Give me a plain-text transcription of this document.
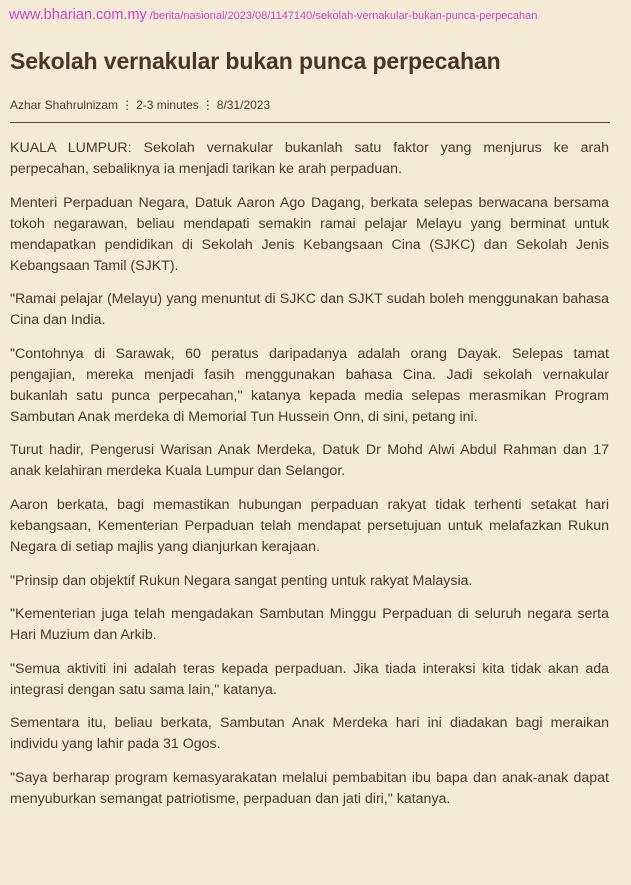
www.bharian.com.my /berita/nasional/2023/08/1147140/sekolah-vernakular-bukan-punca-perpecahan
Sekolah vernakular bukan punca perpecahan
Azhar Shahrulnizam ⋮ 2-3 minutes ⋮ 8/31/2023

KUALA LUMPUR: Sekolah vernakular bukanlah satu faktor yang menjurus ke arah perpecahan, sebaliknya ia menjadi tarikan ke arah perpaduan.

Menteri Perpaduan Negara, Datuk Aaron Ago Dagang, berkata selepas berwacana bersama tokoh negarawan, beliau mendapati semakin ramai pelajar Melayu yang berminat untuk mendapatkan pendidikan di Sekolah Jenis Kebangsaan Cina (SJKC) dan Sekolah Jenis Kebangsaan Tamil (SJKT).

"Ramai pelajar (Melayu) yang menuntut di SJKC dan SJKT sudah boleh menggunakan bahasa Cina dan India.

"Contohnya di Sarawak, 60 peratus daripadanya adalah orang Dayak. Selepas tamat pengajian, mereka menjadi fasih menggunakan bahasa Cina. Jadi sekolah vernakular bukanlah satu punca perpecahan," katanya kepada media selepas merasmikan Program Sambutan Anak merdeka di Memorial Tun Hussein Onn, di sini, petang ini.

Turut hadir, Pengerusi Warisan Anak Merdeka, Datuk Dr Mohd Alwi Abdul Rahman dan 17 anak kelahiran merdeka Kuala Lumpur dan Selangor.

Aaron berkata, bagi memastikan hubungan perpaduan rakyat tidak terhenti setakat hari kebangsaan, Kementerian Perpaduan telah mendapat persetujuan untuk melafazkan Rukun Negara di setiap majlis yang dianjurkan kerajaan.

"Prinsip dan objektif Rukun Negara sangat penting untuk rakyat Malaysia.

"Kementerian juga telah mengadakan Sambutan Minggu Perpaduan di seluruh negara serta Hari Muzium dan Arkib.

"Semua aktiviti ini adalah teras kepada perpaduan. Jika tiada interaksi kita tidak akan ada integrasi dengan satu sama lain," katanya.

Sementara itu, beliau berkata, Sambutan Anak Merdeka hari ini diadakan bagi meraikan individu yang lahir pada 31 Ogos.

"Saya berharap program kemasyarakatan melalui pembabitan ibu bapa dan anak-anak dapat menyuburkan semangat patriotisme, perpaduan dan jati diri," katanya.
